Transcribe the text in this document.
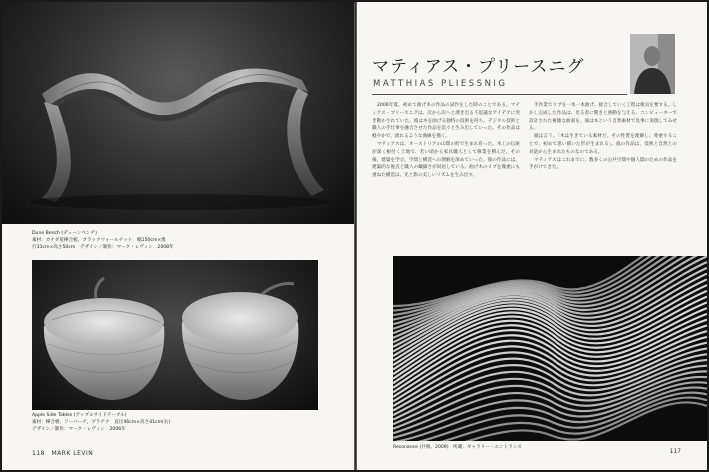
Dune Bench (デューンベンチ)
素材：カナダ産樺合板、ブラックウォールナット　幅150cm×奥
行33cm×高さ50cm　デザイン／制作：マーク・レヴィン　2008年
Apple Side Tables (アップルサイドテーブル)
素材：樺合板、ソーバーチ、プラチナ　直径46cm×高さ41cm(右)
デザイン／制作：マーク・レヴィン　2006年
118　MARK LEVIN
マティアス・プリースニグ
MATTHIAS PLIESSNIG

2006年夏、初めて曲げ木の作品の試作をした時のことである。マティアス・プリースニグは、次から次へと湧き出る不思議なアイデアに突き動かされていた。彼は木を曲げる独特の技術を持ち、デジタル技術と職人の手仕事を融合させた作品を次々と生み出していった。その作品は軽やかで、流れるような曲線を描く。

マティアスは、オーストリアの山間の町で生まれ育った。木工の伝統が深く根付く土地で、若い頃から家具職人として修業を積んだ。その後、建築を学び、空間と構造への理解を深めていった。彼の作品には、建築的な視点と職人の繊細さが同居している。曲げ木のリブを幾重にも重ねた構造は、光と影の美しいリズムを生み出す。

手作業でリブを一本一本曲げ、接合していく工程は根気を要する。しかし完成した作品は、見る者に驚きと感動を与える。コンピューターで設計された複雑な曲面を、彼は木という自然素材で見事に実現してみせる。

彼は言う。「木は生きている素材だ。その性質を理解し、尊重することで、初めて思い描いた形が生まれる」。彼の作品は、技術と自然との対話から生まれたものなのである。

マティアスはこれまでに、数多くの公共空間や個人邸のための作品を手がけてきた。

Resonance (共鳴、2009)　所蔵：ギャラリー・エントランス
117
